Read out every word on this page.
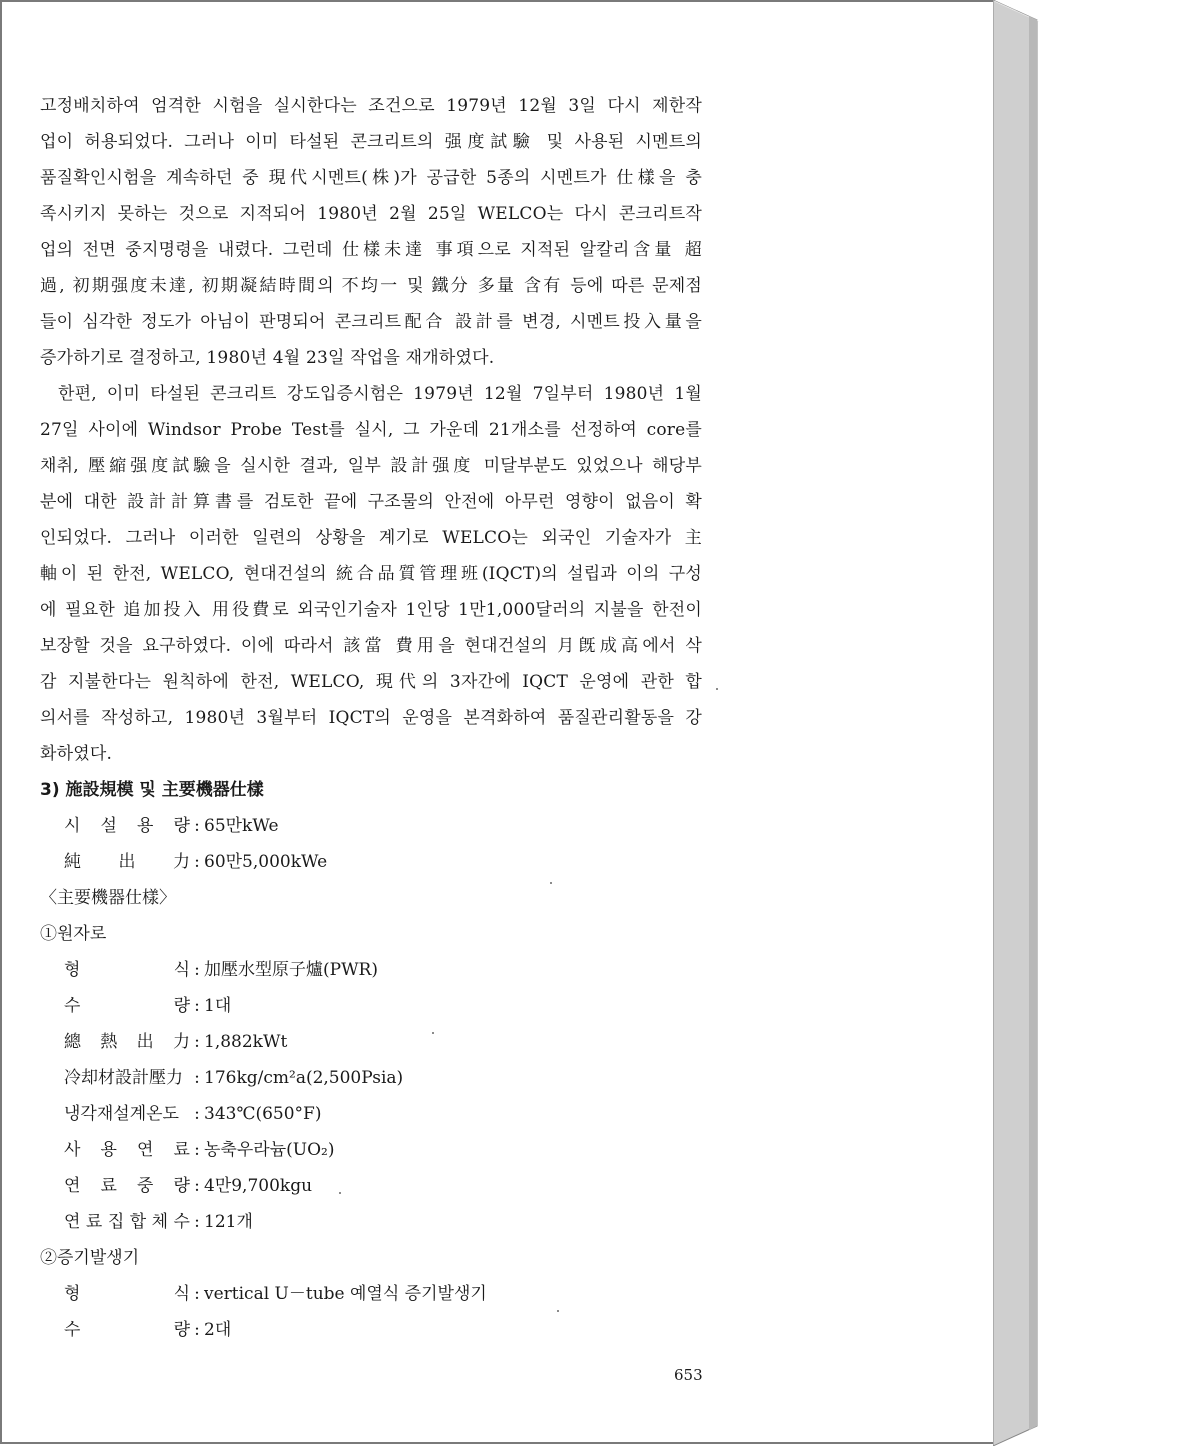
고정배치하여 엄격한 시험을 실시한다는 조건으로 1979년 12월 3일 다시 제한작

업이 허용되었다. 그러나 이미 타설된 콘크리트의 强度試驗 및 사용된 시멘트의

품질확인시험을 계속하던 중 現代시멘트(株)가 공급한 5종의 시멘트가 仕樣을 충

족시키지 못하는 것으로 지적되어 1980년 2월 25일 WELCO는 다시 콘크리트작

업의 전면 중지명령을 내렸다. 그런데 仕樣未達 事項으로 지적된 알칼리含量 超

過, 初期强度未達, 初期凝結時間의 不均一 및 鐵分 多量 含有 등에 따른 문제점

들이 심각한 정도가 아님이 판명되어 콘크리트配合 設計를 변경, 시멘트投入量을

증가하기로 결정하고, 1980년 4월 23일 작업을 재개하였다.

한편, 이미 타설된 콘크리트 강도입증시험은 1979년 12월 7일부터 1980년 1월

27일 사이에 Windsor Probe Test를 실시, 그 가운데 21개소를 선정하여 core를

채취, 壓縮强度試驗을 실시한 결과, 일부 設計强度 미달부분도 있었으나 해당부

분에 대한 設計計算書를 검토한 끝에 구조물의 안전에 아무런 영향이 없음이 확

인되었다. 그러나 이러한 일련의 상황을 계기로 WELCO는 외국인 기술자가 主

軸이 된 한전, WELCO, 현대건설의 統合品質管理班(IQCT)의 설립과 이의 구성

에 필요한 追加投入 用役費로 외국인기술자 1인당 1만1,000달러의 지불을 한전이

보장할 것을 요구하였다. 이에 따라서 該當 費用을 현대건설의 月旣成高에서 삭

감 지불한다는 원칙하에 한전, WELCO, 現代의 3자간에 IQCT 운영에 관한 합

의서를 작성하고, 1980년 3월부터 IQCT의 운영을 본격화하여 품질관리활동을 강

화하였다.

3) 施設規模 및 主要機器仕樣

시 설 용 량 : 65만kWe
純 出 力 : 60만5,000kWe

〈主要機器仕樣〉

①원자로

형	식 : 加壓水型原子爐(PWR)
수	량 : 1대
總 熱 出 力 : 1,882kWt
冷却材設計壓力 : 176kg/cm²a(2,500Psia)
냉각재설계온도 : 343℃(650°F)
사 용 연 료 : 농축우라늄(UO₂)
연 료 중 량 : 4만9,700kgu
연 료 집 합 체 수 : 121개

②증기발생기

형	식 : vertical U－tube 예열식 증기발생기
수	량 : 2대
653
